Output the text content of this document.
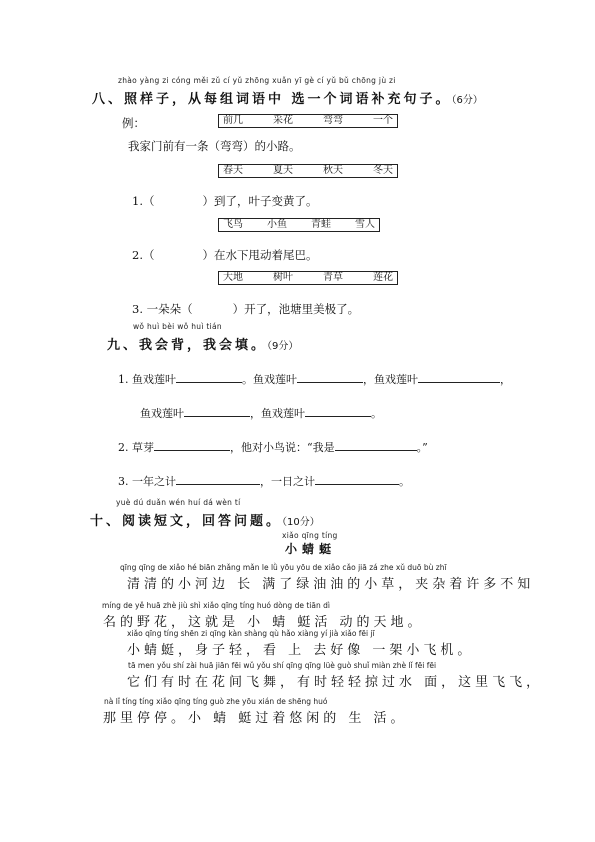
zhào yàng zi cóng měi zǔ cí yǔ zhōng xuǎn yī gè cí yǔ bǔ chōng jù zi
八、照样子，从每组词语中 选一个词语补充句子。（6分）
例：	前几	采花	弯弯	一个
我家门前有一条（弯弯）的小路。
春天	夏天	秋天	冬天
1.（	）到了，叶子变黄了。
飞鸟 小鱼 青蛙 雪人
2.（	）在水下甩动着尾巴。
大地	树叶	青草	莲花
3. 一朵朵（	）开了，池塘里美极了。
wǒ huì bèi wǒ huì tián
九、我会背，我会填。（9分）
1. 鱼戏莲叶	。鱼戏莲叶	，鱼戏莲叶	，
鱼戏莲叶	，鱼戏莲叶	。
2. 草芽	，他对小鸟说：“我是	。”
3. 一年之计	，一日之计	。
yuè dú duǎn wén huí dá wèn tí
十、阅读短文，回答问题。（10分）
xiǎo qīng tíng
小蜻蜓
qīng qīng de xiǎo hé biān zhǎng mǎn le lǜ yōu yōu de xiǎo cǎo jiā zá zhe xǔ duō bù zhī
清清的小河边 长 满了绿油油的小草，夹杂着许多不知
míng de yě huā zhè jiù shì xiǎo qīng tíng huó dòng de tiān dì
名的野花，这就是 小 蜻 蜓活 动的天地。
xiǎo qīng tíng shēn zi qīng kàn shàng qù hǎo xiàng yí jià xiǎo fēi jī
小蜻蜓，身子轻，看 上 去好像 一架小飞机。
tā men yǒu shí zài huā jiān fēi wǔ yǒu shí qīng qīng lüè guò shuǐ miàn zhè lǐ fēi fēi
它们有时在花间飞舞，有时轻轻掠过水 面，这里飞飞，
nà lǐ tíng tíng xiǎo qīng tíng guò zhe yōu xián de shēng huó
那里停停。小 蜻 蜓过着悠闲的 生 活。
